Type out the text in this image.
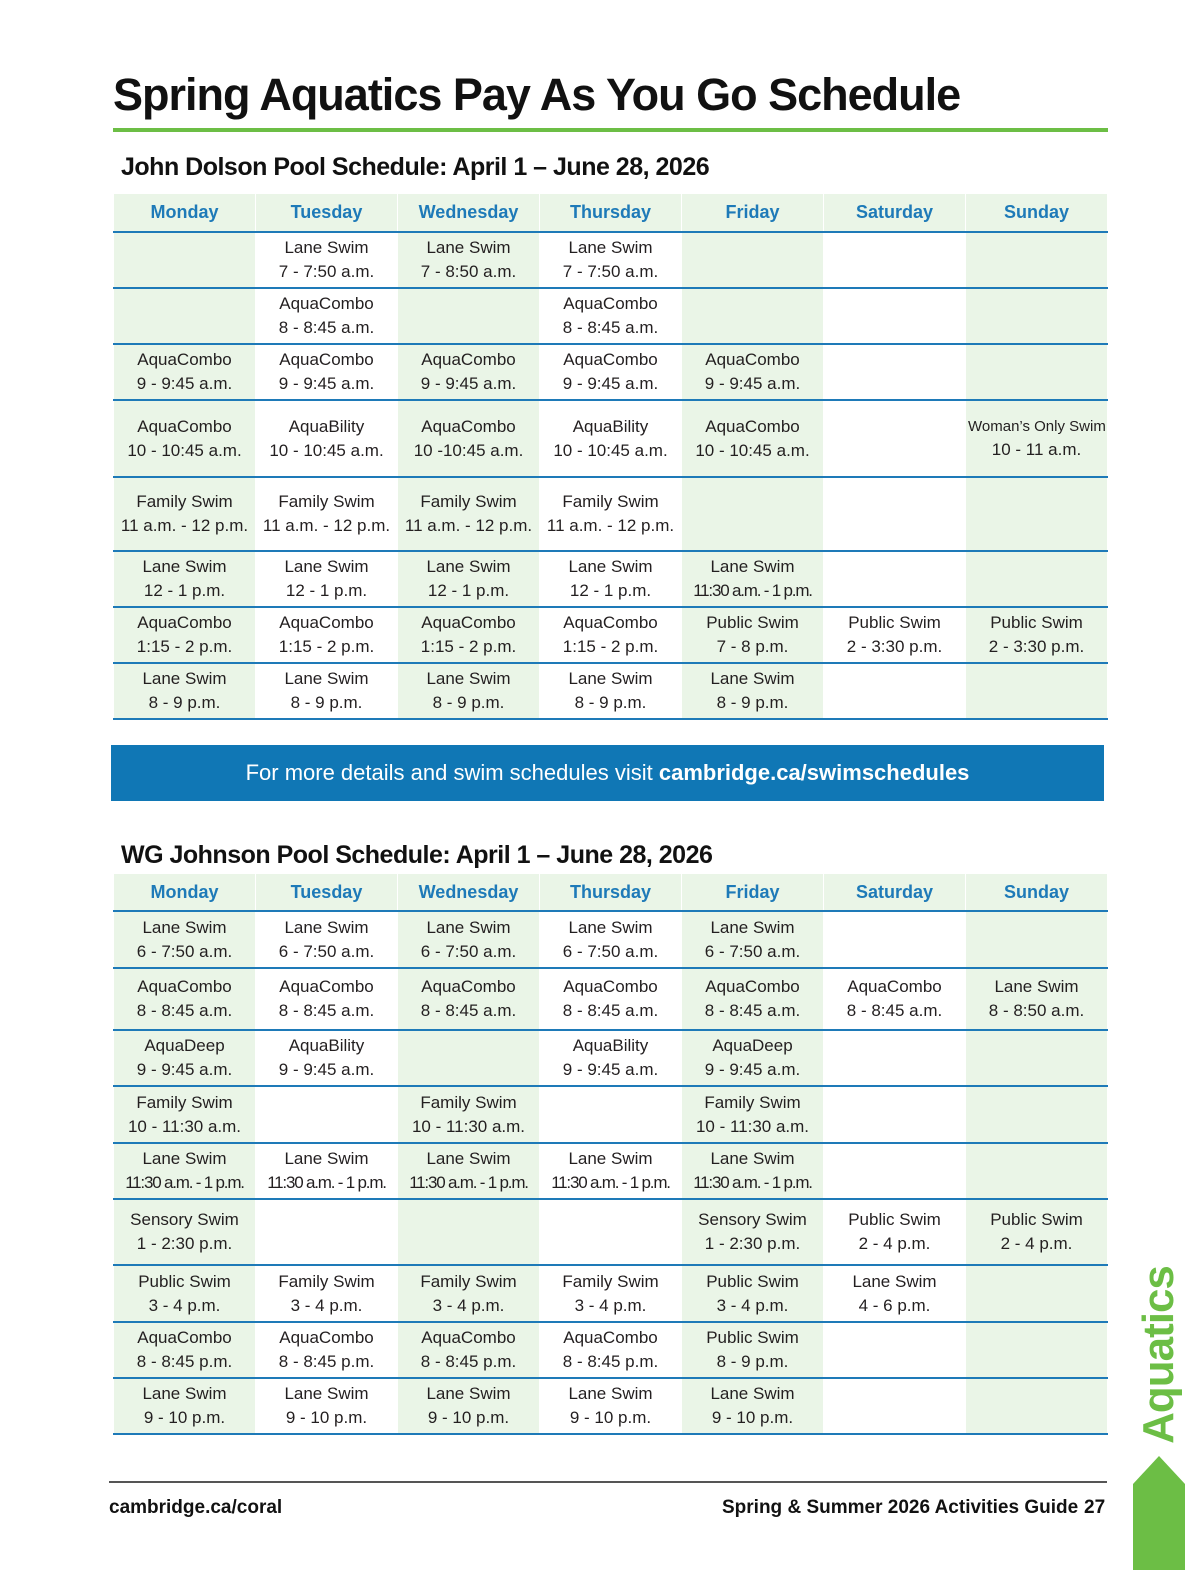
Spring Aquatics Pay As You Go Schedule
John Dolson Pool Schedule: April 1 – June 28, 2026
Monday	Tuesday	Wednesday	Thursday	Friday	Saturday	Sunday

	Lane Swim
7 - 7:50 a.m.	Lane Swim
7 - 8:50 a.m.	Lane Swim
7 - 7:50 a.m.			

	AquaCombo
8 - 8:45 a.m.		AquaCombo
8 - 8:45 a.m.			

AquaCombo
9 - 9:45 a.m.	AquaCombo
9 - 9:45 a.m.	AquaCombo
9 - 9:45 a.m.	AquaCombo
9 - 9:45 a.m.	AquaCombo
9 - 9:45 a.m.		

AquaCombo
10 - 10:45 a.m.	AquaBility
10 - 10:45 a.m.	AquaCombo
10 -10:45 a.m.	AquaBility
10 - 10:45 a.m.	AquaCombo
10 - 10:45 a.m.		Woman’s Only Swim
10 - 11 a.m.

Family Swim
11 a.m. - 12 p.m.	Family Swim
11 a.m. - 12 p.m.	Family Swim
11 a.m. - 12 p.m.	Family Swim
11 a.m. - 12 p.m.			

Lane Swim
12 - 1 p.m.	Lane Swim
12 - 1 p.m.	Lane Swim
12 - 1 p.m.	Lane Swim
12 - 1 p.m.	Lane Swim
11:30 a.m. - 1 p.m.		

AquaCombo
1:15 - 2 p.m.	AquaCombo
1:15 - 2 p.m.	AquaCombo
1:15 - 2 p.m.	AquaCombo
1:15 - 2 p.m.	Public Swim
7 - 8 p.m.	Public Swim
2 - 3:30 p.m.	Public Swim
2 - 3:30 p.m.

Lane Swim
8 - 9 p.m.	Lane Swim
8 - 9 p.m.	Lane Swim
8 - 9 p.m.	Lane Swim
8 - 9 p.m.	Lane Swim
8 - 9 p.m.		

For more details and swim schedules visit cambridge.ca/swimschedules
WG Johnson Pool Schedule: April 1 – June 28, 2026
Monday	Tuesday	Wednesday	Thursday	Friday	Saturday	Sunday

Lane Swim
6 - 7:50 a.m.	Lane Swim
6 - 7:50 a.m.	Lane Swim
6 - 7:50 a.m.	Lane Swim
6 - 7:50 a.m.	Lane Swim
6 - 7:50 a.m.		

AquaCombo
8 - 8:45 a.m.	AquaCombo
8 - 8:45 a.m.	AquaCombo
8 - 8:45 a.m.	AquaCombo
8 - 8:45 a.m.	AquaCombo
8 - 8:45 a.m.	AquaCombo
8 - 8:45 a.m.	Lane Swim
8 - 8:50 a.m.

AquaDeep
9 - 9:45 a.m.	AquaBility
9 - 9:45 a.m.		AquaBility
9 - 9:45 a.m.	AquaDeep
9 - 9:45 a.m.		

Family Swim
10 - 11:30 a.m.		Family Swim
10 - 11:30 a.m.		Family Swim
10 - 11:30 a.m.		

Lane Swim
11:30 a.m. - 1 p.m.	Lane Swim
11:30 a.m. - 1 p.m.	Lane Swim
11:30 a.m. - 1 p.m.	Lane Swim
11:30 a.m. - 1 p.m.	Lane Swim
11:30 a.m. - 1 p.m.		

Sensory Swim
1 - 2:30 p.m.				Sensory Swim
1 - 2:30 p.m.	Public Swim
2 - 4 p.m.	Public Swim
2 - 4 p.m.

Public Swim
3 - 4 p.m.	Family Swim
3 - 4 p.m.	Family Swim
3 - 4 p.m.	Family Swim
3 - 4 p.m.	Public Swim
3 - 4 p.m.	Lane Swim
4 - 6 p.m.	

AquaCombo
8 - 8:45 p.m.	AquaCombo
8 - 8:45 p.m.	AquaCombo
8 - 8:45 p.m.	AquaCombo
8 - 8:45 p.m.	Public Swim
8 - 9 p.m.		

Lane Swim
9 - 10 p.m.	Lane Swim
9 - 10 p.m.	Lane Swim
9 - 10 p.m.	Lane Swim
9 - 10 p.m.	Lane Swim
9 - 10 p.m.		

cambridge.ca/coral	Spring & Summer 2026 Activities Guide 27
Aquatics
